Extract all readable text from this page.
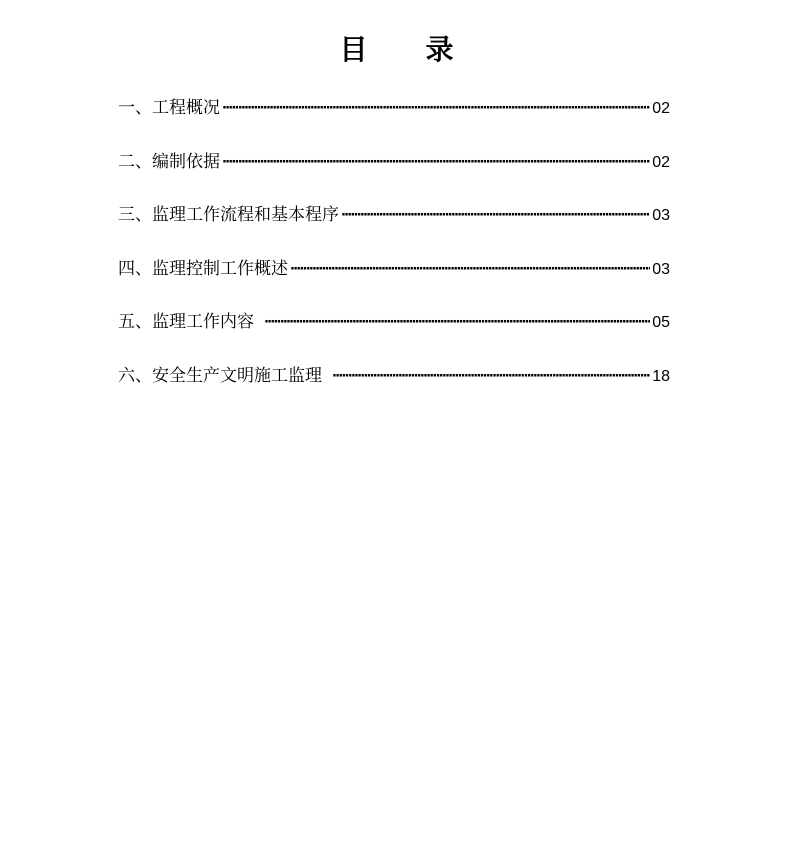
目 录
一、工程概况 ·····	02
二、编制依据 ·····	02
三、监理工作流程和基本程序 ·····	03
四、监理控制工作概述 ·····	03
五、监理工作内容 ·····	05
六、安全生产文明施工监理 ·····	18
